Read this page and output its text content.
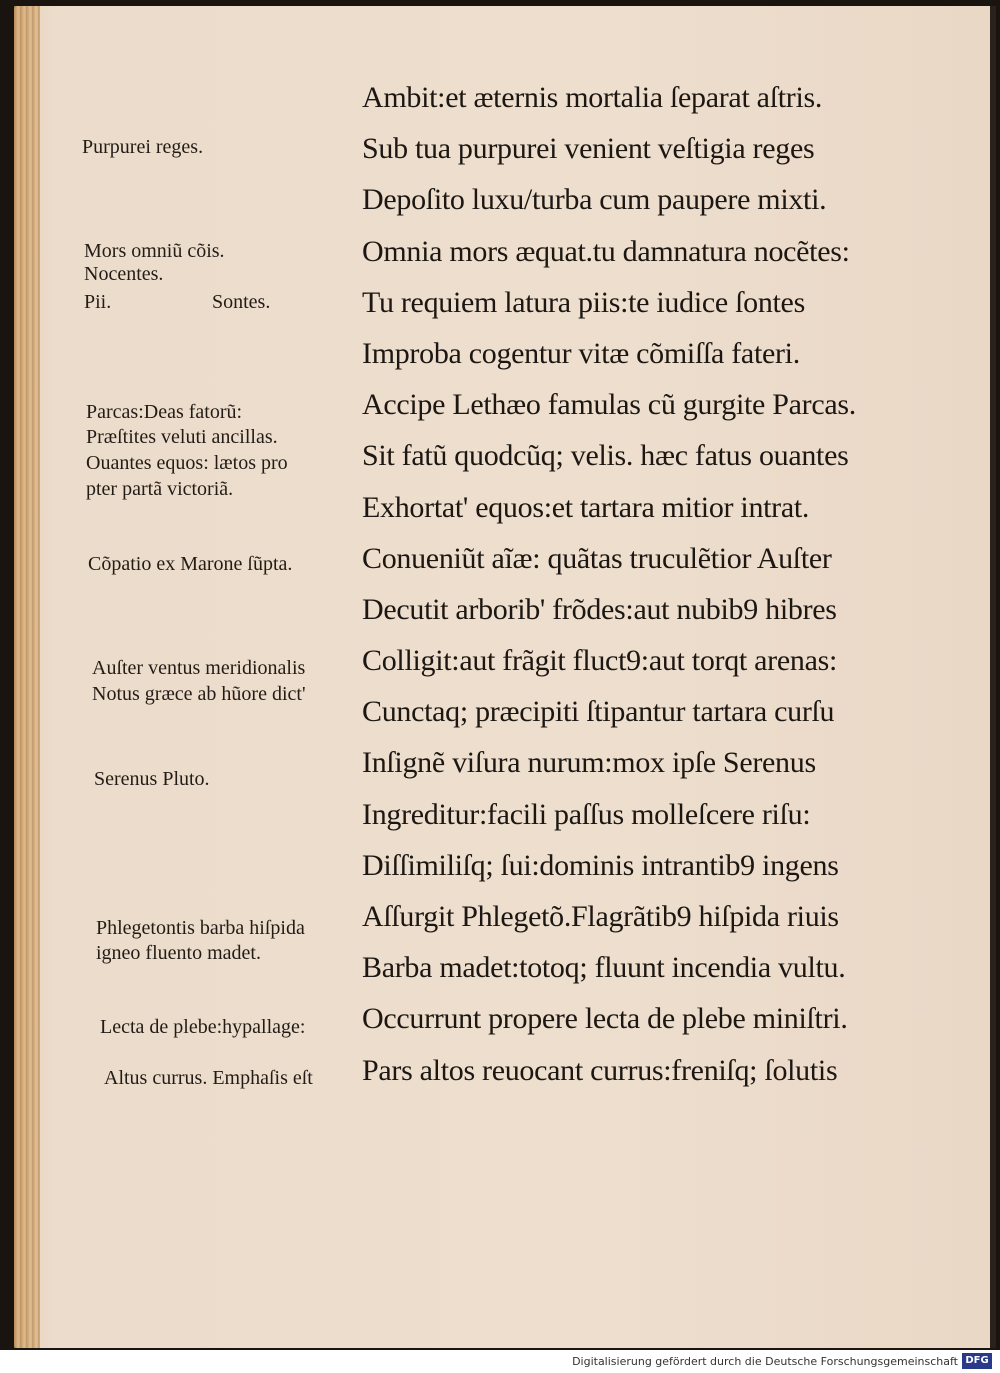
Ambit:et æternis mortalia ſeparat aſtris.
Sub tua purpurei venient veſtigia reges
Depoſito luxu/turba cum paupere mixti.
Omnia mors æquat.tu damnatura nocẽtes:
Tu requiem latura piis:te iudice ſontes
Improba cogentur vitæ cõmiſſa fateri.
Accipe Lethæo famulas cũ gurgite Parcas.
Sit fatũ quodcũq; velis. hæc fatus ouantes
Exhortat' equos:et tartara mitior intrat.
Conueniũt aĩæ: quãtas truculẽtior Auſter
Decutit arborib' frõdes:aut nubib9 hibres
Colligit:aut frãgit fluct9:aut torqt arenas:
Cunctaq; præcipiti ſtipantur tartara curſu
Inſignẽ viſura nurum:mox ipſe Serenus
Ingreditur:facili paſſus molleſcere riſu:
Diſſimiliſq; ſui:dominis intrantib9 ingens
Aſſurgit Phlegetõ.Flagrãtib9 hiſpida riuis
Barba madet:totoq; fluunt incendia vultu.
Occurrunt propere lecta de plebe miniſtri.
Pars altos reuocant currus:freniſq; ſolutis
Purpurei reges.
Mors omniũ cõis.
Nocentes.
Pii.	Sontes.
Parcas:Deas fatorũ:
Præſtites veluti ancillas.
Ouantes equos: lætos pro
pter partã victoriã.
Cõpatio ex Marone ſũpta.
Auſter ventus meridionalis
Notus græce ab hũore dict'
Serenus Pluto.
Phlegetontis barba hiſpida
igneo fluento madet.
Lecta de plebe:hypallage:
Altus currus. Emphaſis eſt
Digitalisierung gefördert durch die Deutsche Forschungsgemeinschaft DFG
